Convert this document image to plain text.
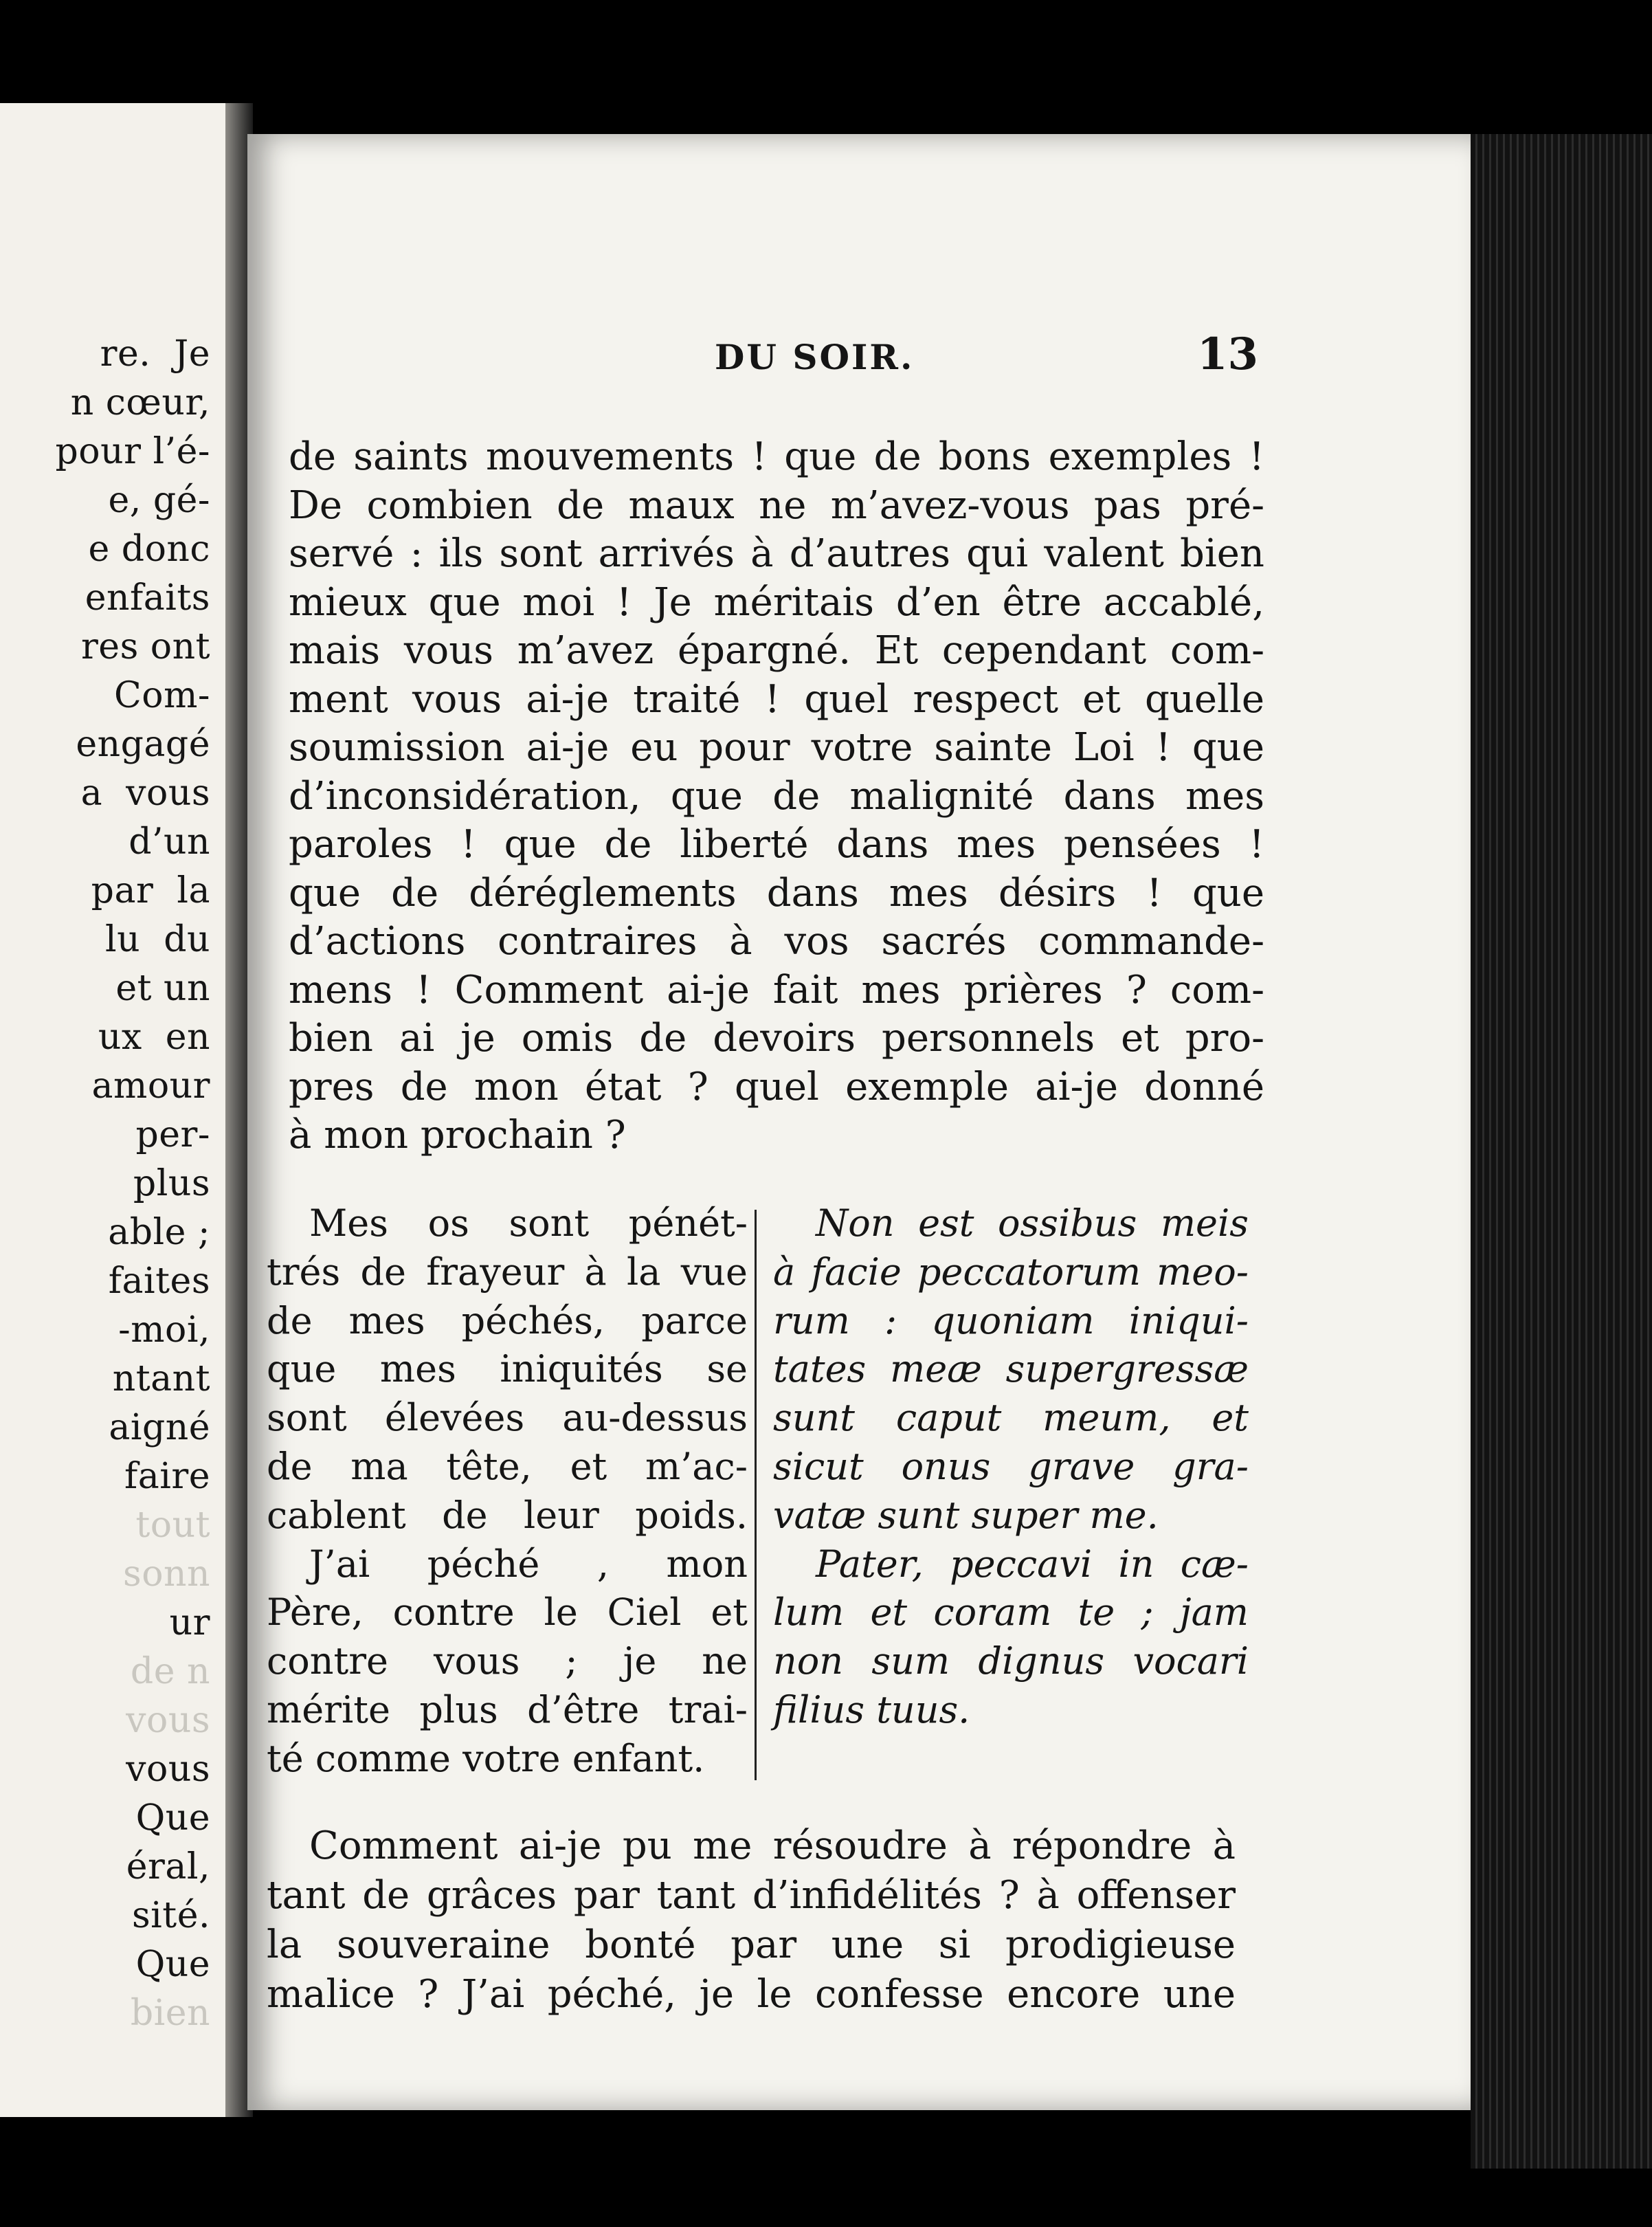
re.  Je
n cœur,
pour l’é-
e, gé-
e donc
enfaits
res ont
Com-
engagé
a  vous
d’un
par  la
lu  du
et un
ux  en
amour
per-
plus
able ;
faites
-moi,
ntant
aigné
faire
tout
sonn
ur
de n
vous
vous
Que
éral,
sité.
Que
bien
DU SOIR.	13
de saints mouvements ! que de bons exemples !
De combien de maux ne m’avez-vous pas pré-
servé : ils sont arrivés à d’autres qui valent bien
mieux que moi ! Je méritais d’en être accablé,
mais vous m’avez épargné. Et cependant com-
ment vous ai-je traité ! quel respect et quelle
soumission ai-je eu pour votre sainte Loi ! que
d’inconsidération, que de malignité dans mes
paroles ! que de liberté dans mes pensées !
que de déréglements dans mes désirs ! que
d’actions contraires à vos sacrés commande-
mens ! Comment ai-je fait mes prières ? com-
bien ai je omis de devoirs personnels et pro-
pres de mon état ? quel exemple ai-je donné
à mon prochain ?
Mes os sont pénét-
trés de frayeur à la vue
de mes péchés, parce
que mes iniquités se
sont élevées au-dessus
de ma tête, et m’ac-
cablent de leur poids.
J’ai péché , mon
Père, contre le Ciel et
contre vous ; je ne
mérite plus d’être trai-
té comme votre enfant.
Non est ossibus meis
à facie peccatorum meo-
rum : quoniam iniqui-
tates meæ supergressæ
sunt caput meum, et
sicut onus grave gra-
vatæ sunt super me.
Pater, peccavi in cæ-
lum et coram te ; jam
non sum dignus vocari
filius tuus.
Comment ai-je pu me résoudre à répondre à
tant de grâces par tant d’infidélités ? à offenser
la souveraine bonté par une si prodigieuse
malice ? J’ai péché, je le confesse encore une
